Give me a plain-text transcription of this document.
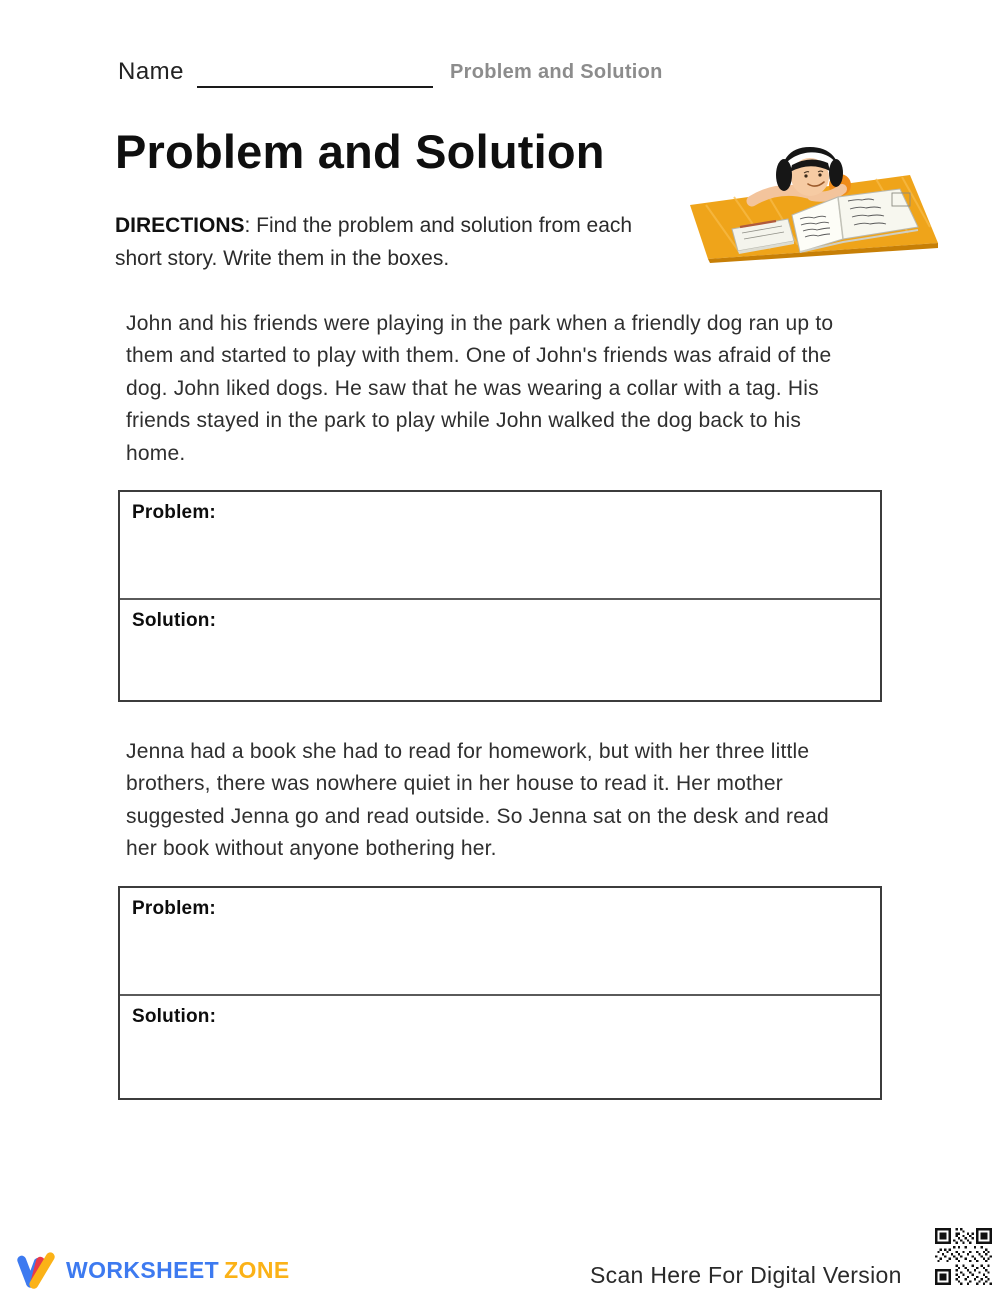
Name	Problem and Solution
Problem and Solution
DIRECTIONS: Find the problem and solution from each short story. Write them in the boxes.
John and his friends were playing in the park when a friendly dog ran up to them and started to play with them. One of John's friends was afraid of the dog. John liked dogs. He saw that he was wearing a collar with a tag. His friends stayed in the park to play while John walked the dog back to his home.
Problem:
Solution:
Jenna had a book she had to read for homework, but with her three little brothers, there was nowhere quiet in her house to read it. Her mother suggested Jenna go and read outside. So Jenna sat on the desk and read her book without anyone bothering her.
Problem:
Solution:
WORKSHEET ZONE	Scan Here For Digital Version
